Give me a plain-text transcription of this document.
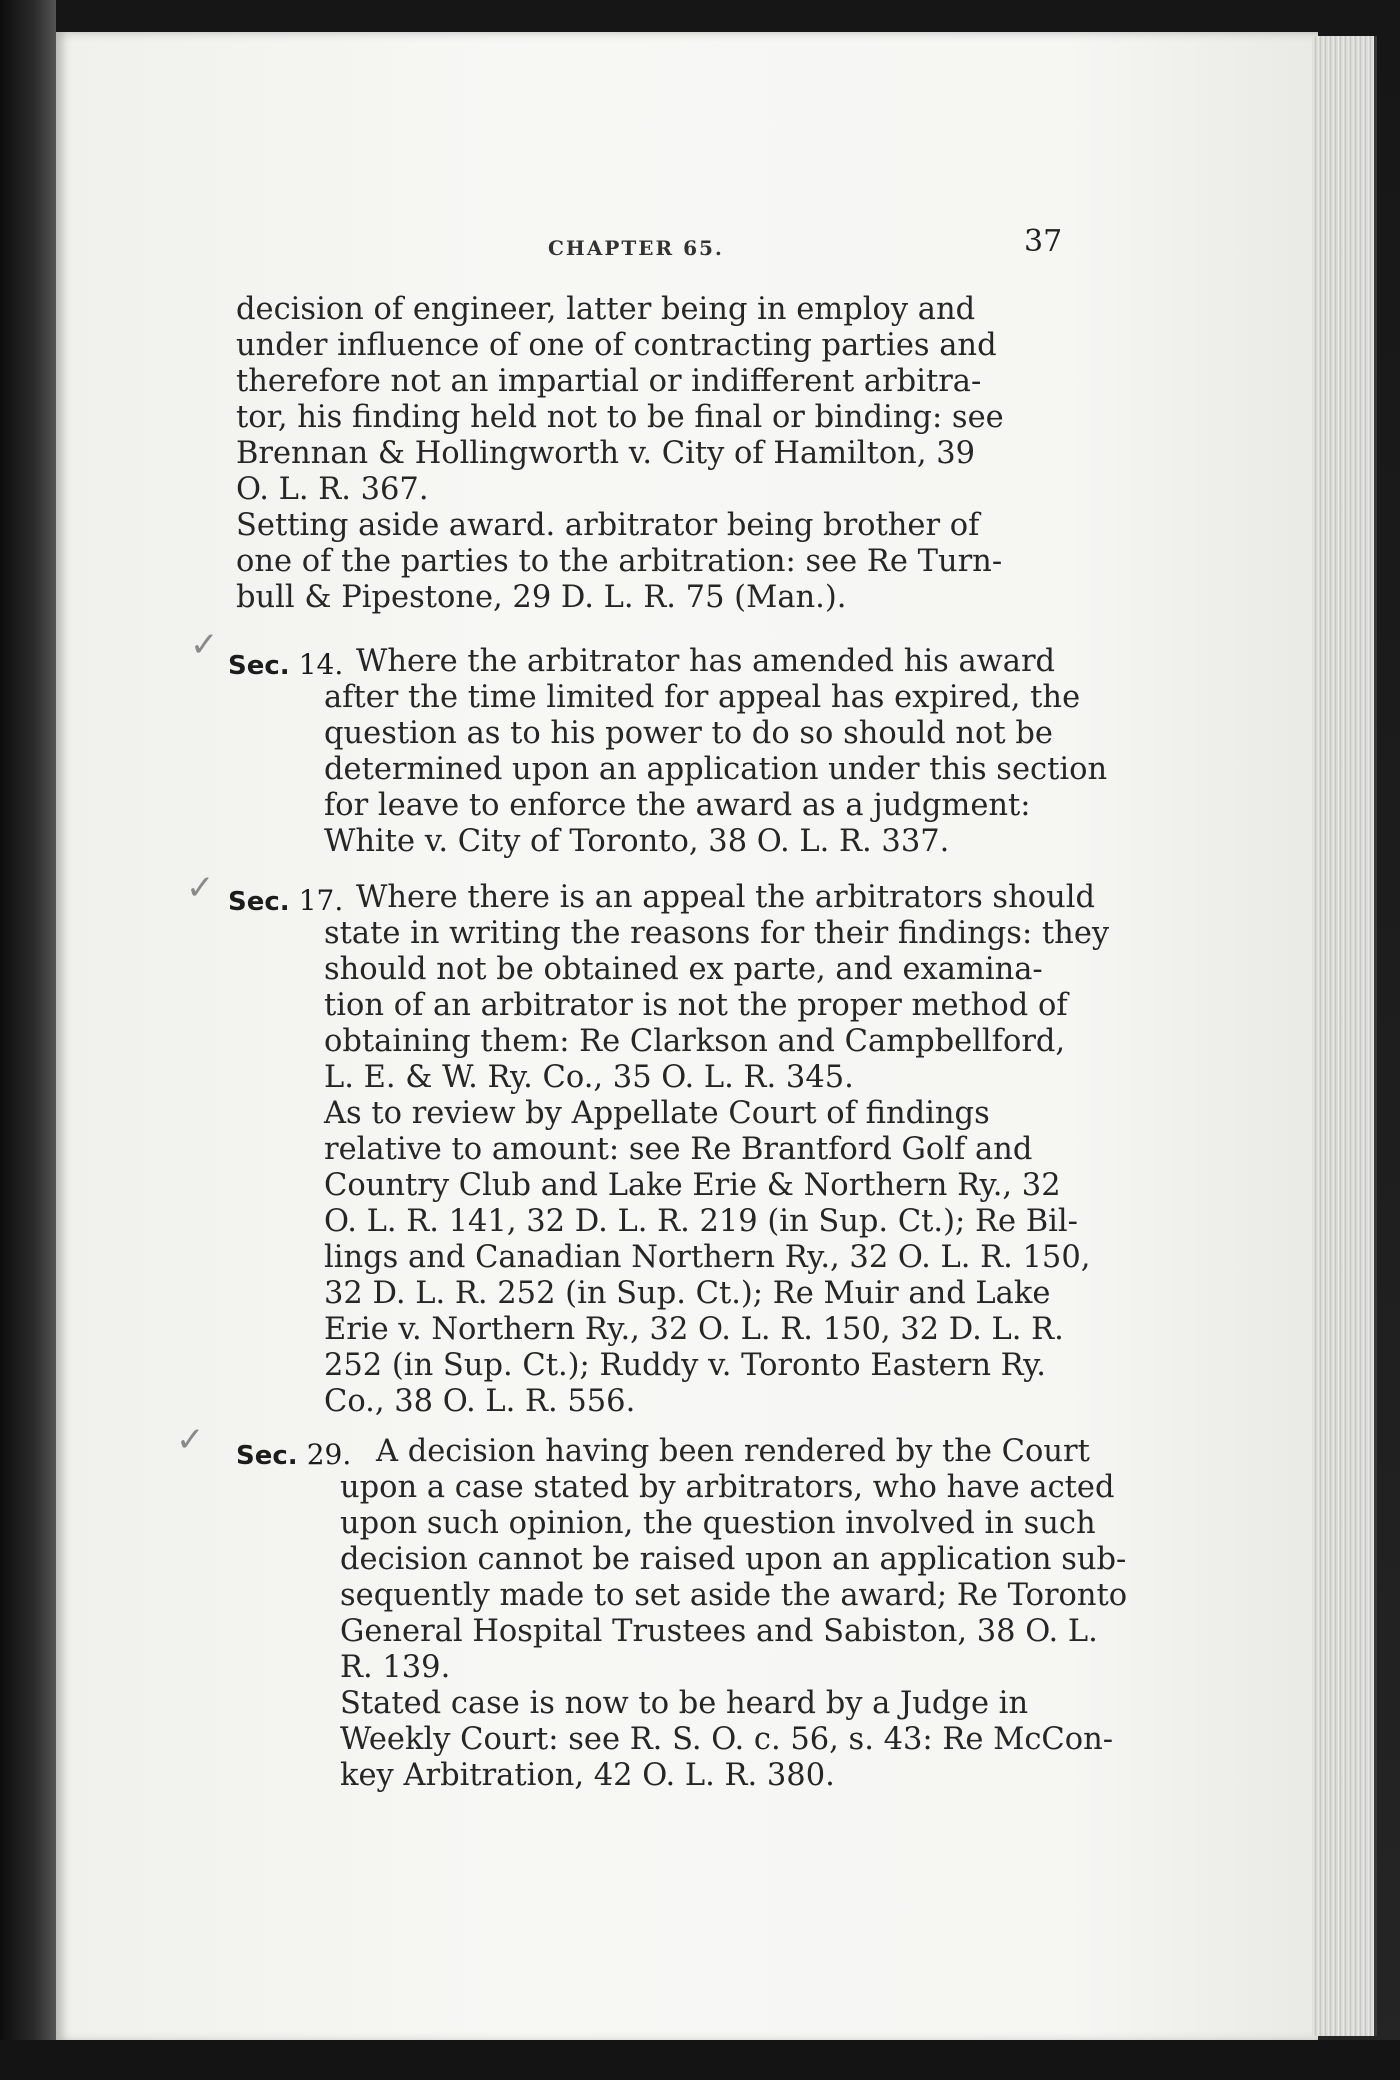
CHAPTER 65.	37
decision of engineer, latter being in employ and
under influence of one of contracting parties and
therefore not an impartial or indifferent arbitra-
tor, his finding held not to be final or binding: see
Brennan & Hollingworth v. City of Hamilton, 39
O. L. R. 367.
Setting aside award. arbitrator being brother of
one of the parties to the arbitration: see Re Turn-
bull & Pipestone, 29 D. L. R. 75 (Man.).
✓
Sec. 14. Where the arbitrator has amended his award
after the time limited for appeal has expired, the
question as to his power to do so should not be
determined upon an application under this section
for leave to enforce the award as a judgment:
White v. City of Toronto, 38 O. L. R. 337.
✓ Sec. 17. Where there is an appeal the arbitrators should
state in writing the reasons for their findings: they
should not be obtained ex parte, and examina-
tion of an arbitrator is not the proper method of
obtaining them: Re Clarkson and Campbellford,
L. E. & W. Ry. Co., 35 O. L. R. 345.
As to review by Appellate Court of findings
relative to amount: see Re Brantford Golf and
Country Club and Lake Erie & Northern Ry., 32
O. L. R. 141, 32 D. L. R. 219 (in Sup. Ct.); Re Bil-
lings and Canadian Northern Ry., 32 O. L. R. 150,
32 D. L. R. 252 (in Sup. Ct.); Re Muir and Lake
Erie v. Northern Ry., 32 O. L. R. 150, 32 D. L. R.
252 (in Sup. Ct.); Ruddy v. Toronto Eastern Ry.
Co., 38 O. L. R. 556.
✓ Sec. 29. A decision having been rendered by the Court
upon a case stated by arbitrators, who have acted
upon such opinion, the question involved in such
decision cannot be raised upon an application sub-
sequently made to set aside the award; Re Toronto
General Hospital Trustees and Sabiston, 38 O. L.
R. 139.
Stated case is now to be heard by a Judge in
Weekly Court: see R. S. O. c. 56, s. 43: Re McCon-
key Arbitration, 42 O. L. R. 380.
